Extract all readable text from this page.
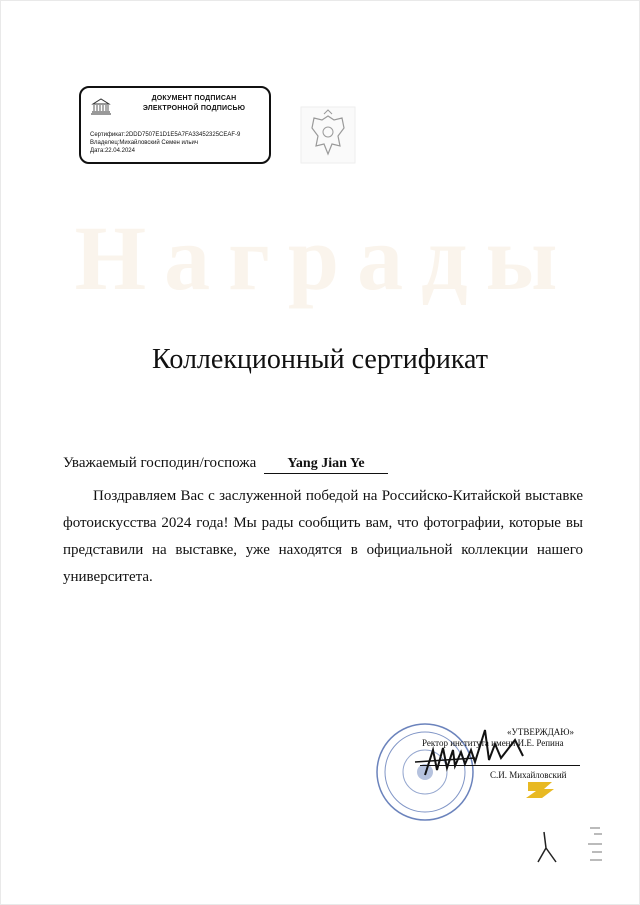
ДОКУМЕНТ ПОДПИСАН
ЭЛЕКТРОННОЙ ПОДПИСЬЮ
Сертификат:2DDD7507E1D1E5A7FA33452325CEAF-9
Владелец:Михайловский Семен ильич
Дата:22.04.2024
Награды
Коллекционный сертификат
Уважаемый господин/госпожа Yang Jian Ye
Поздравляем Вас с заслуженной победой на Российско-Китайской выставке фотоискусства 2024 года! Мы рады сообщить вам, что фотографии, которые вы представили на выставке, уже находятся в официальной коллекции нашего университета.
«УТВЕРЖДАЮ»
Ректор института имени И.Е. Репина
С.И. Михайловский
